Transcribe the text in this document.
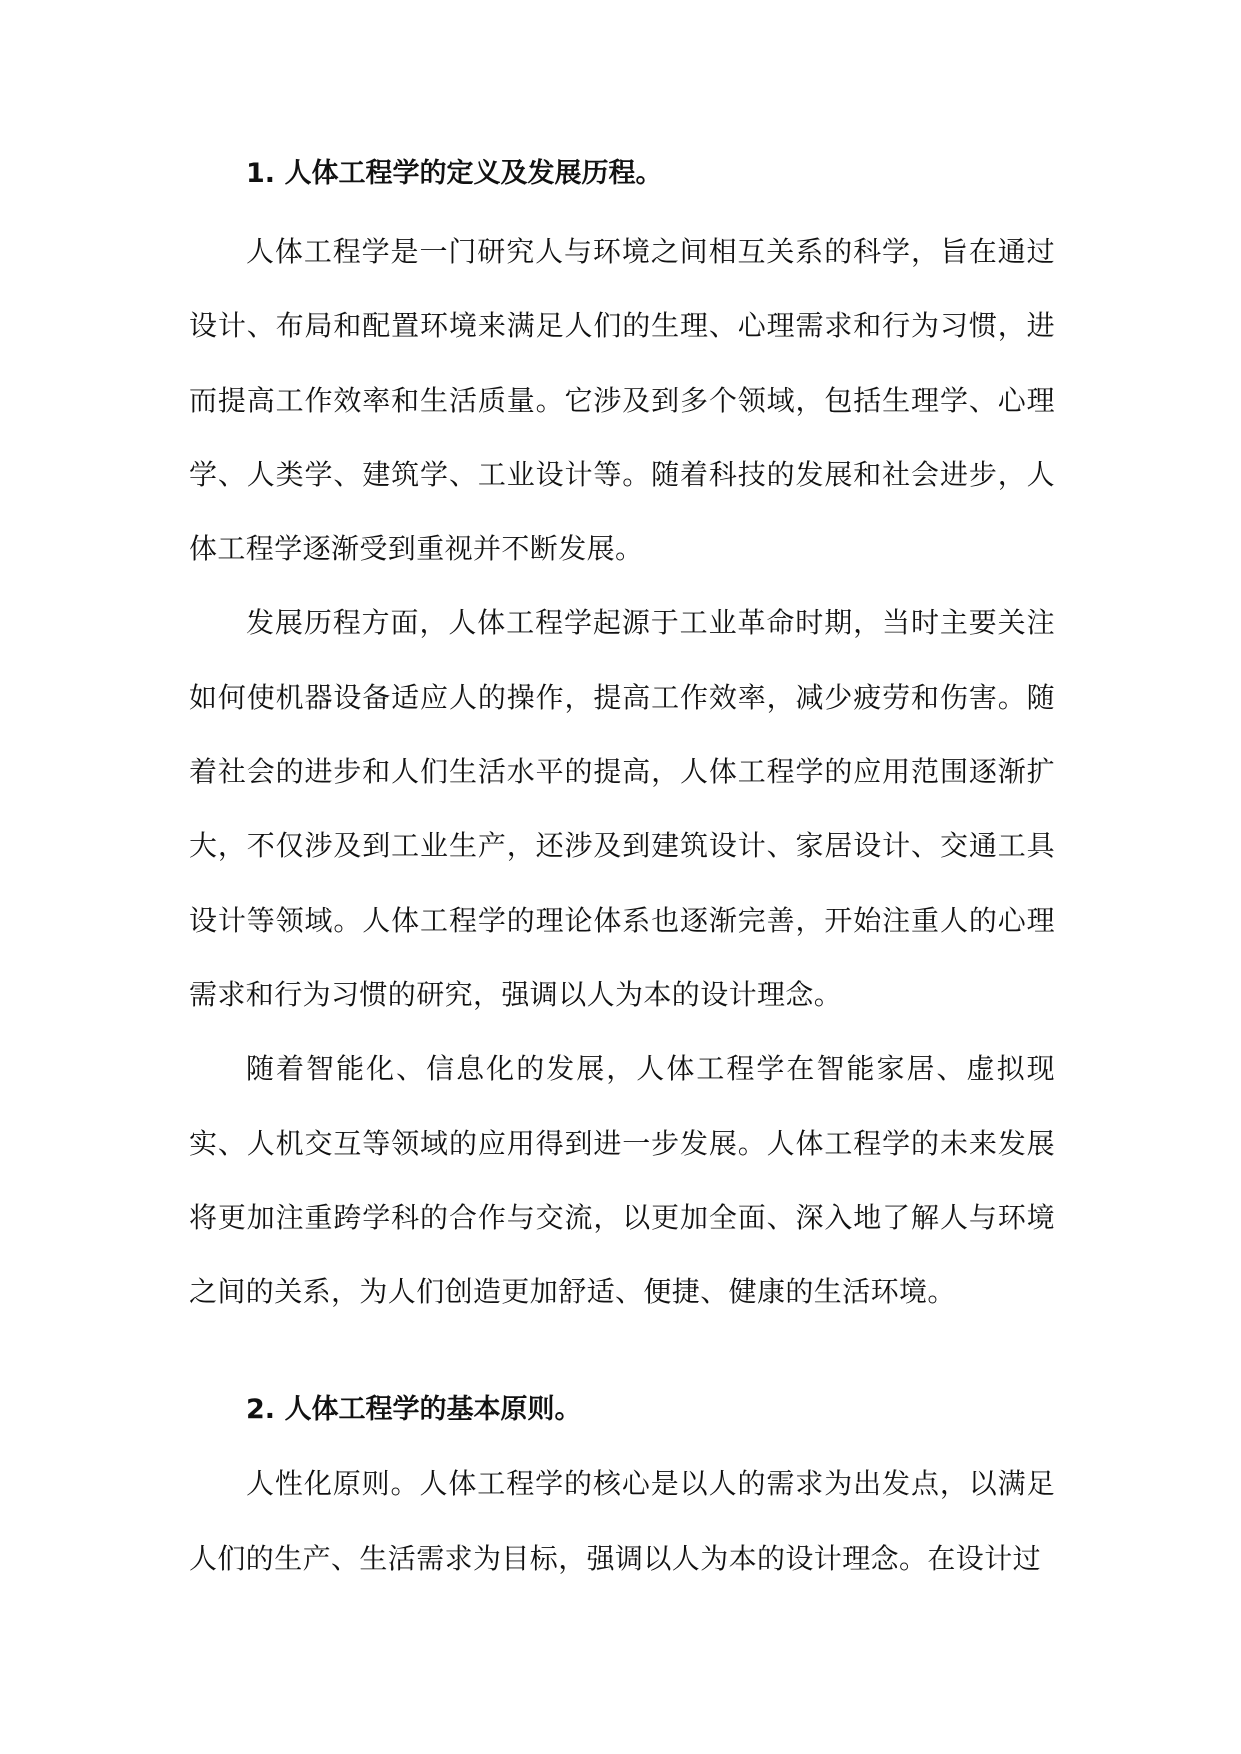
1. 人体工程学的定义及发展历程。

人体工程学是一门研究人与环境之间相互关系的科学，旨在通过设计、布局和配置环境来满足人们的生理、心理需求和行为习惯，进而提高工作效率和生活质量。它涉及到多个领域，包括生理学、心理学、人类学、建筑学、工业设计等。随着科技的发展和社会进步，人体工程学逐渐受到重视并不断发展。

发展历程方面，人体工程学起源于工业革命时期，当时主要关注如何使机器设备适应人的操作，提高工作效率，减少疲劳和伤害。随着社会的进步和人们生活水平的提高，人体工程学的应用范围逐渐扩大，不仅涉及到工业生产，还涉及到建筑设计、家居设计、交通工具设计等领域。人体工程学的理论体系也逐渐完善，开始注重人的心理需求和行为习惯的研究，强调以人为本的设计理念。

随着智能化、信息化的发展，人体工程学在智能家居、虚拟现实、人机交互等领域的应用得到进一步发展。人体工程学的未来发展将更加注重跨学科的合作与交流，以更加全面、深入地了解人与环境之间的关系，为人们创造更加舒适、便捷、健康的生活环境。

2. 人体工程学的基本原则。

人性化原则。人体工程学的核心是以人的需求为出发点，以满足人们的生产、生活需求为目标，强调以人为本的设计理念。在设计过
